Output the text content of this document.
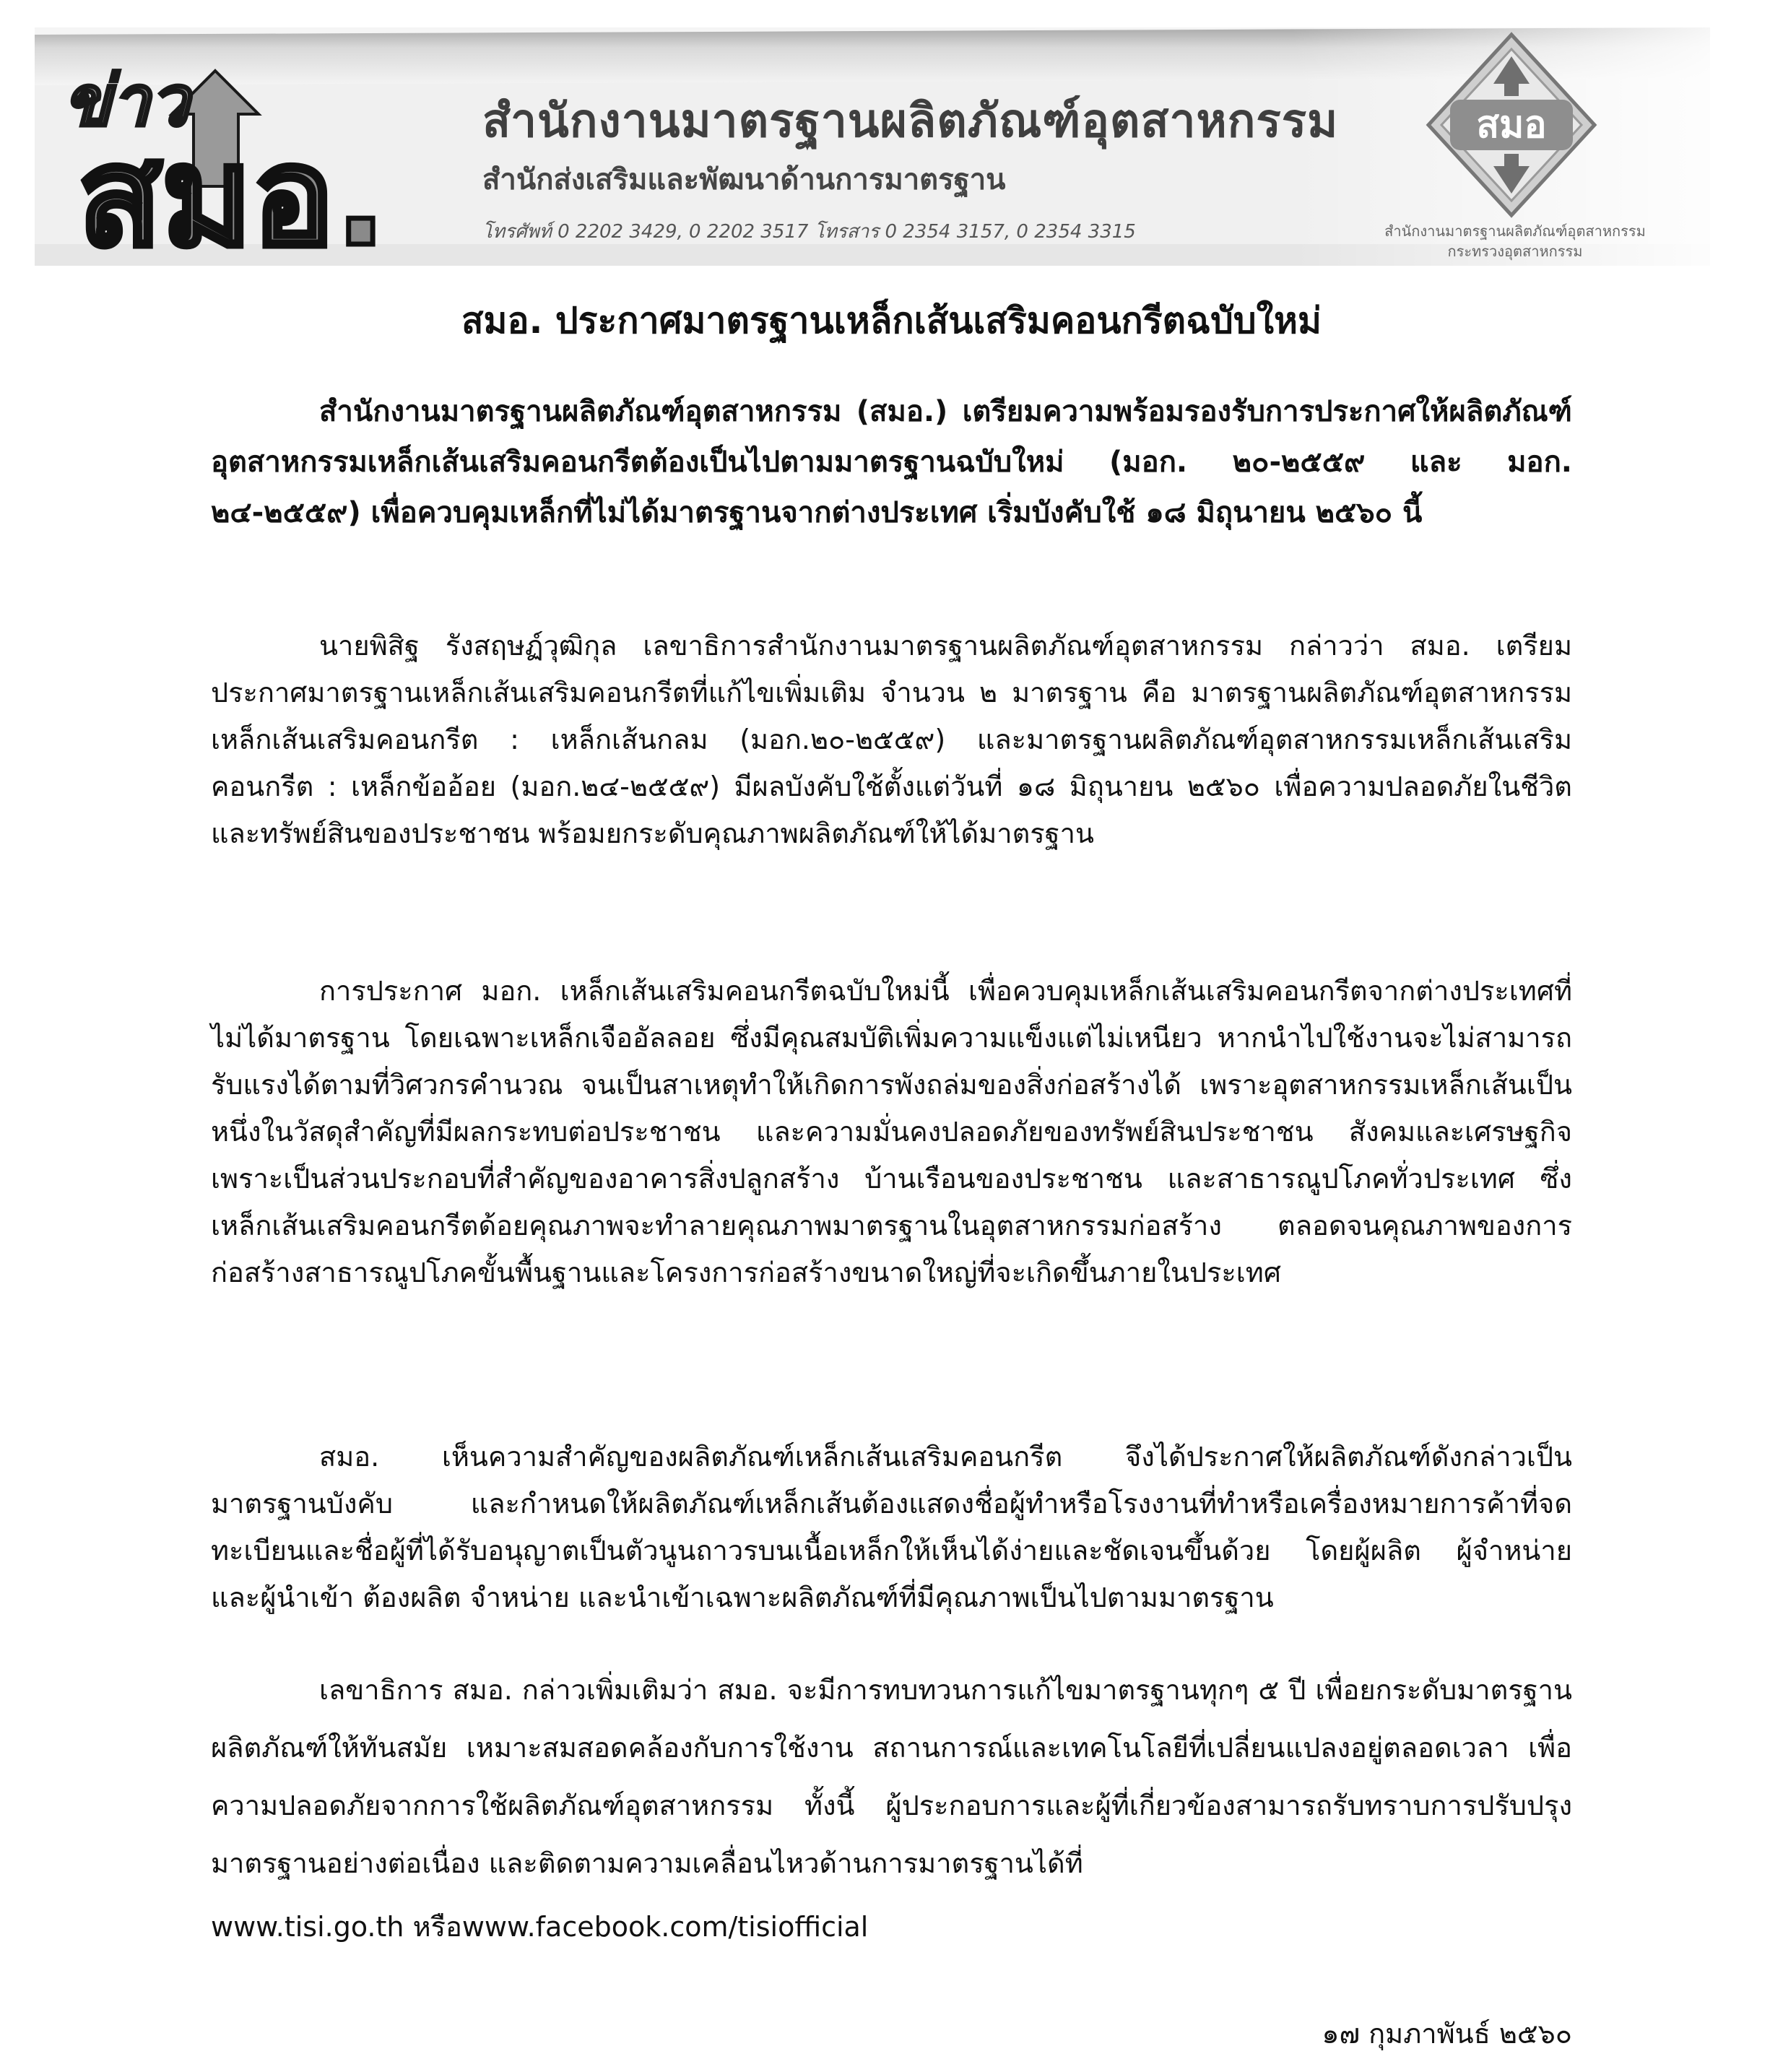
ข่าว
สมอ. สำนักงานมาตรฐานผลิตภัณฑ์อุตสาหกรรม
สำนักส่งเสริมและพัฒนาด้านการมาตรฐาน
โทรศัพท์ 0 2202 3429, 0 2202 3517 โทรสาร 0 2354 3157, 0 2354 3315
สมอ
สำนักงานมาตรฐานผลิตภัณฑ์อุตสาหกรรม
กระทรวงอุตสาหกรรม
สมอ. ประกาศมาตรฐานเหล็กเส้นเสริมคอนกรีตฉบับใหม่

สำนักงานมาตรฐานผลิตภัณฑ์อุตสาหกรรม (สมอ.) เตรียมความพร้อมรองรับการประกาศให้ผลิตภัณฑ์อุตสาหกรรมเหล็กเส้นเสริมคอนกรีตต้องเป็นไปตามมาตรฐานฉบับใหม่ (มอก. ๒๐-๒๕๕๙ และ มอก. ๒๔-๒๕๕๙) เพื่อควบคุมเหล็กที่ไม่ได้มาตรฐานจากต่างประเทศ เริ่มบังคับใช้ ๑๘ มิถุนายน ๒๕๖๐ นี้

นายพิสิฐ รังสฤษฏ์วุฒิกุล เลขาธิการสำนักงานมาตรฐานผลิตภัณฑ์อุตสาหกรรม กล่าวว่า สมอ. เตรียมประกาศมาตรฐานเหล็กเส้นเสริมคอนกรีตที่แก้ไขเพิ่มเติม จำนวน ๒ มาตรฐาน คือ มาตรฐานผลิตภัณฑ์อุตสาหกรรมเหล็กเส้นเสริมคอนกรีต : เหล็กเส้นกลม (มอก.๒๐-๒๕๕๙) และมาตรฐานผลิตภัณฑ์อุตสาหกรรมเหล็กเส้นเสริมคอนกรีต : เหล็กข้ออ้อย (มอก.๒๔-๒๕๕๙) มีผลบังคับใช้ตั้งแต่วันที่ ๑๘ มิถุนายน ๒๕๖๐ เพื่อความปลอดภัยในชีวิตและทรัพย์สินของประชาชน พร้อมยกระดับคุณภาพผลิตภัณฑ์ให้ได้มาตรฐาน

การประกาศ มอก. เหล็กเส้นเสริมคอนกรีตฉบับใหม่นี้ เพื่อควบคุมเหล็กเส้นเสริมคอนกรีตจากต่างประเทศที่ไม่ได้มาตรฐาน โดยเฉพาะเหล็กเจืออัลลอย ซึ่งมีคุณสมบัติเพิ่มความแข็งแต่ไม่เหนียว หากนำไปใช้งานจะไม่สามารถรับแรงได้ตามที่วิศวกรคำนวณ จนเป็นสาเหตุทำให้เกิดการพังถล่มของสิ่งก่อสร้างได้ เพราะอุตสาหกรรมเหล็กเส้นเป็นหนึ่งในวัสดุสำคัญที่มีผลกระทบต่อประชาชน และความมั่นคงปลอดภัยของทรัพย์สินประชาชน สังคมและเศรษฐกิจ เพราะเป็นส่วนประกอบที่สำคัญของอาคารสิ่งปลูกสร้าง บ้านเรือนของประชาชน และสาธารณูปโภคทั่วประเทศ ซึ่งเหล็กเส้นเสริมคอนกรีตด้อยคุณภาพจะทำลายคุณภาพมาตรฐานในอุตสาหกรรมก่อสร้าง ตลอดจนคุณภาพของการก่อสร้างสาธารณูปโภคขั้นพื้นฐานและโครงการก่อสร้างขนาดใหญ่ที่จะเกิดขึ้นภายในประเทศ

สมอ. เห็นความสำคัญของผลิตภัณฑ์เหล็กเส้นเสริมคอนกรีต จึงได้ประกาศให้ผลิตภัณฑ์ดังกล่าวเป็นมาตรฐานบังคับ และกำหนดให้ผลิตภัณฑ์เหล็กเส้นต้องแสดงชื่อผู้ทำหรือโรงงานที่ทำหรือเครื่องหมายการค้าที่จดทะเบียนและชื่อผู้ที่ได้รับอนุญาตเป็นตัวนูนถาวรบนเนื้อเหล็กให้เห็นได้ง่ายและชัดเจนขึ้นด้วย โดยผู้ผลิต ผู้จำหน่าย และผู้นำเข้า ต้องผลิต จำหน่าย และนำเข้าเฉพาะผลิตภัณฑ์ที่มีคุณภาพเป็นไปตามมาตรฐาน

เลขาธิการ สมอ. กล่าวเพิ่มเติมว่า สมอ. จะมีการทบทวนการแก้ไขมาตรฐานทุกๆ ๕ ปี เพื่อยกระดับมาตรฐานผลิตภัณฑ์ให้ทันสมัย เหมาะสมสอดคล้องกับการใช้งาน สถานการณ์และเทคโนโลยีที่เปลี่ยนแปลงอยู่ตลอดเวลา เพื่อความปลอดภัยจากการใช้ผลิตภัณฑ์อุตสาหกรรม ทั้งนี้ ผู้ประกอบการและผู้ที่เกี่ยวข้องสามารถรับทราบการปรับปรุงมาตรฐานอย่างต่อเนื่อง และติดตามความเคลื่อนไหวด้านการมาตรฐานได้ที่

www.tisi.go.th หรือwww.facebook.com/tisiofficial
๑๗ กุมภาพันธ์ ๒๕๖๐
